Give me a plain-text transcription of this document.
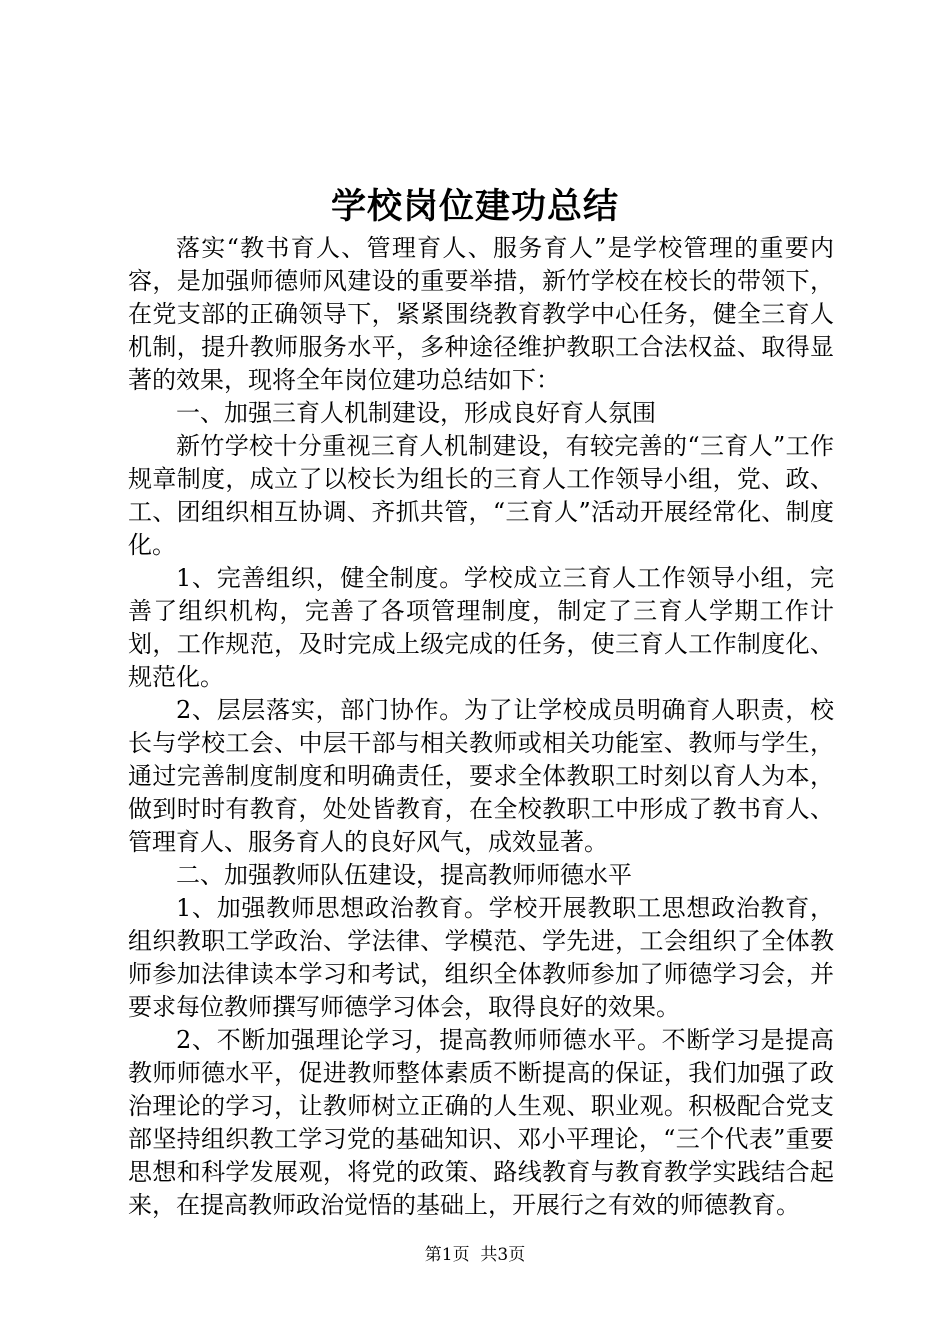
学校岗位建功总结

落实“教书育人、管理育人、服务育人”是学校管理的重要内容，是加强师德师风建设的重要举措，新竹学校在校长的带领下，在党支部的正确领导下，紧紧围绕教育教学中心任务，健全三育人机制，提升教师服务水平，多种途径维护教职工合法权益、取得显著的效果，现将全年岗位建功总结如下：

一、加强三育人机制建设，形成良好育人氛围

新竹学校十分重视三育人机制建设，有较完善的“三育人”工作规章制度，成立了以校长为组长的三育人工作领导小组，党、政、工、团组织相互协调、齐抓共管，“三育人”活动开展经常化、制度化。

1、完善组织，健全制度。学校成立三育人工作领导小组，完善了组织机构，完善了各项管理制度，制定了三育人学期工作计划，工作规范，及时完成上级完成的任务，使三育人工作制度化、规范化。

2、层层落实，部门协作。为了让学校成员明确育人职责，校长与学校工会、中层干部与相关教师或相关功能室、教师与学生，通过完善制度制度和明确责任，要求全体教职工时刻以育人为本，做到时时有教育，处处皆教育，在全校教职工中形成了教书育人、管理育人、服务育人的良好风气，成效显著。

二、加强教师队伍建设，提高教师师德水平

1、加强教师思想政治教育。学校开展教职工思想政治教育，组织教职工学政治、学法律、学模范、学先进，工会组织了全体教师参加法律读本学习和考试，组织全体教师参加了师德学习会，并要求每位教师撰写师德学习体会，取得良好的效果。

2、不断加强理论学习，提高教师师德水平。不断学习是提高教师师德水平，促进教师整体素质不断提高的保证，我们加强了政治理论的学习，让教师树立正确的人生观、职业观。积极配合党支部坚持组织教工学习党的基础知识、邓小平理论，“三个代表”重要思想和科学发展观，将党的政策、路线教育与教育教学实践结合起来，在提高教师政治觉悟的基础上，开展行之有效的师德教育。

第1页  共3页
